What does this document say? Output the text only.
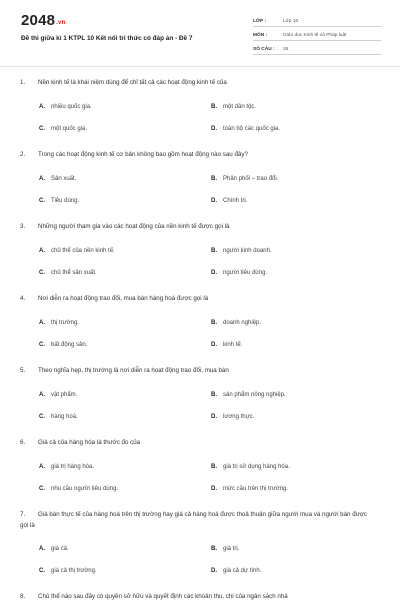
2048.vn
Đề thi giữa kì 1 KTPL 10 Kết nối tri thức có đáp án - Đề 7
LỚP :	Lớp 10
MÔN :	Giáo dục Kinh tế và Pháp luật
SỐ CÂU :	26
1. Nền kinh tế là khái niệm dùng để chỉ tất cả các hoạt động kinh tế của
A. nhiều quốc gia.	B. một dân tộc.
C. một quốc gia.	D. toàn bộ các quốc gia.
2. Trong các hoạt động kinh tế cơ bản không bao gồm hoạt động nào sau đây?
A. Sản xuất.	B. Phân phối – trao đổi.
C. Tiêu dùng.	D. Chính trị.
3. Những người tham gia vào các hoạt động của nền kinh tế được gọi là
A. chủ thể của nền kinh tế.	B. người kinh doanh.
C. chủ thể sản xuất.	D. người tiêu dùng.
4. Nơi diễn ra hoạt động trao đổi, mua bán hàng hoá được gọi là
A. thị trường.	B. doanh nghiệp.
C. bất động sản.	D. kinh tế.
5. Theo nghĩa hẹp, thị trường là nơi diễn ra hoạt động trao đổi, mua bán
A. vật phẩm.	B. sản phẩm nông nghiệp.
C. hàng hoá.	D. lương thực.
6. Giá cả của hàng hóa là thước đo của
A. giá trị hàng hóa.	B. giá trị sử dụng hàng hóa.
C. nhu cầu người tiêu dùng.	D. mức cầu trên thị trường.
7. Giá bán thực tế của hàng hoá trên thị trường hay giá cả hàng hoá được thoả thuận giữa người mua và người bán được gọi là
A. giá cả.	B. giá trị.
C. giá cả thị trường.	D. giá cả dự tính.
8. Chủ thể nào sau đây có quyền sở hữu và quyết định các khoản thu, chi của ngân sách nhà
